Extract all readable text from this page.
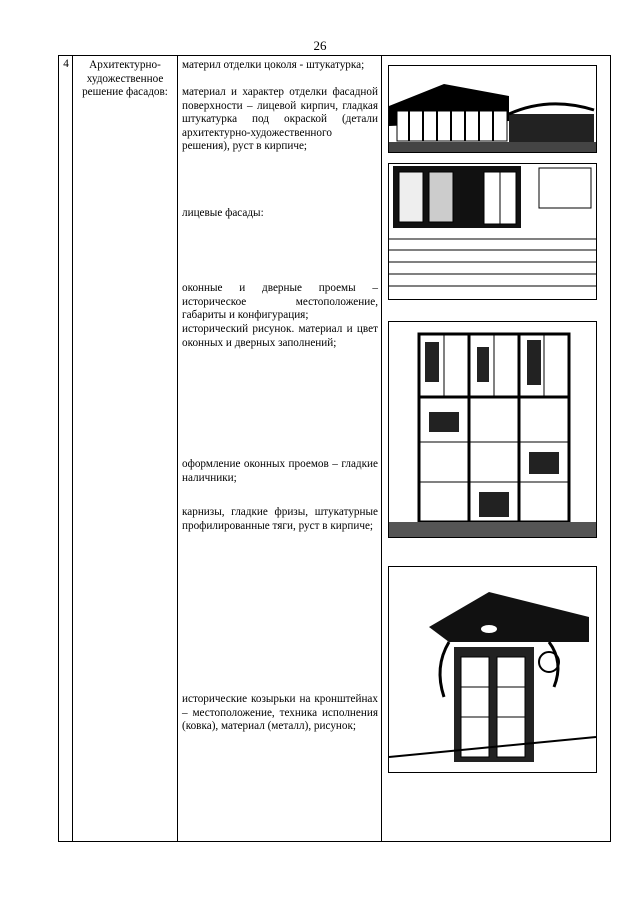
26
4	Архитектурно-художественное решение фасадов:
материл отделки цоколя - штукатурка;
материал и характер отделки фасадной поверхности – лицевой кирпич, гладкая штукатурка под окраской (детали архитектурно-художественного решения), руст в кирпиче;
лицевые фасады:
оконные и дверные проемы – историческое местоположение, габариты и конфигурация;
исторический рисунок. материал и цвет оконных и дверных заполнений;
оформление оконных проемов – гладкие наличники;
карнизы, гладкие фризы, штукатурные профилированные тяги, руст в кирпиче;
исторические козырьки на кронштейнах – местоположение, техника исполнения (ковка), материал (металл), рисунок;
